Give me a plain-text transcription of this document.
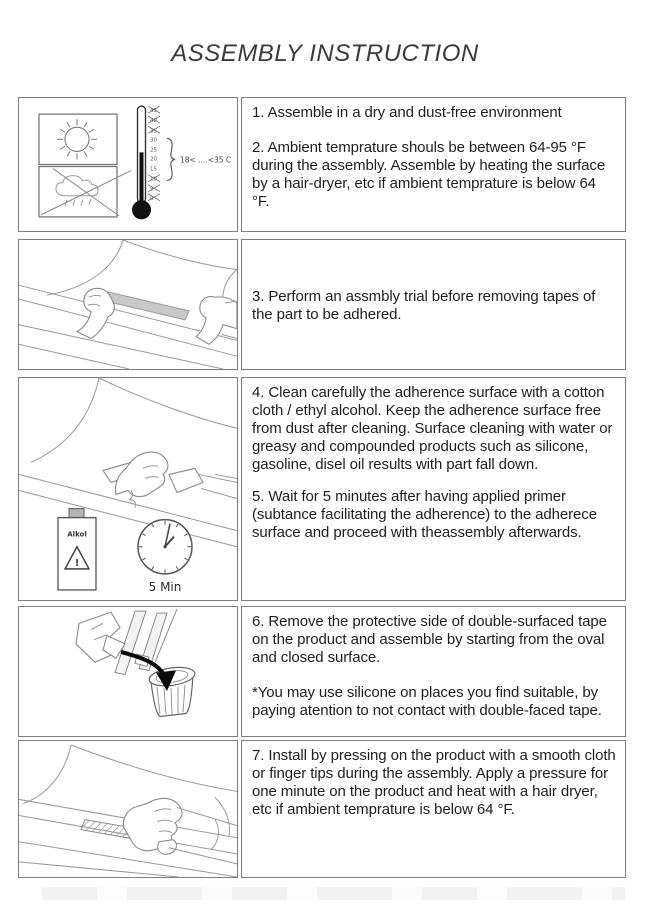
ASSEMBLY INSTRUCTION
45
40
35
30
25
20
15
10
5
0
18< ....<35 C

1. Assemble in a dry and dust-free environment

2. Ambient temprature shouls be between 64-95 °F during the assembly. Assemble by heating the surface by a hair-dryer, etc if ambient temprature is below 64 °F.

3. Perform an assmbly trial before removing tapes of the part to be adhered.

Alkol
!
5 Min

4. Clean carefully the adherence surface with a cotton cloth / ethyl alcohol. Keep the adherence surface free from dust after cleaning. Surface cleaning with water or greasy and compounded products such as silicone, gasoline, disel oil results with part fall down.

5. Wait for 5 minutes after having applied primer (subtance facilitating the adherence) to the adherece surface and proceed with theassembly afterwards.

6. Remove the protective side of double-surfaced tape on the product and assemble by starting from the oval and closed surface.

*You may use silicone on places you find suitable, by paying atention to not contact with double-faced tape.

7. Install by pressing on the product with a smooth cloth or finger tips during the assembly. Apply a pressure for one minute on the product and heat with a hair dryer, etc if ambient temprature is below 64 °F.
